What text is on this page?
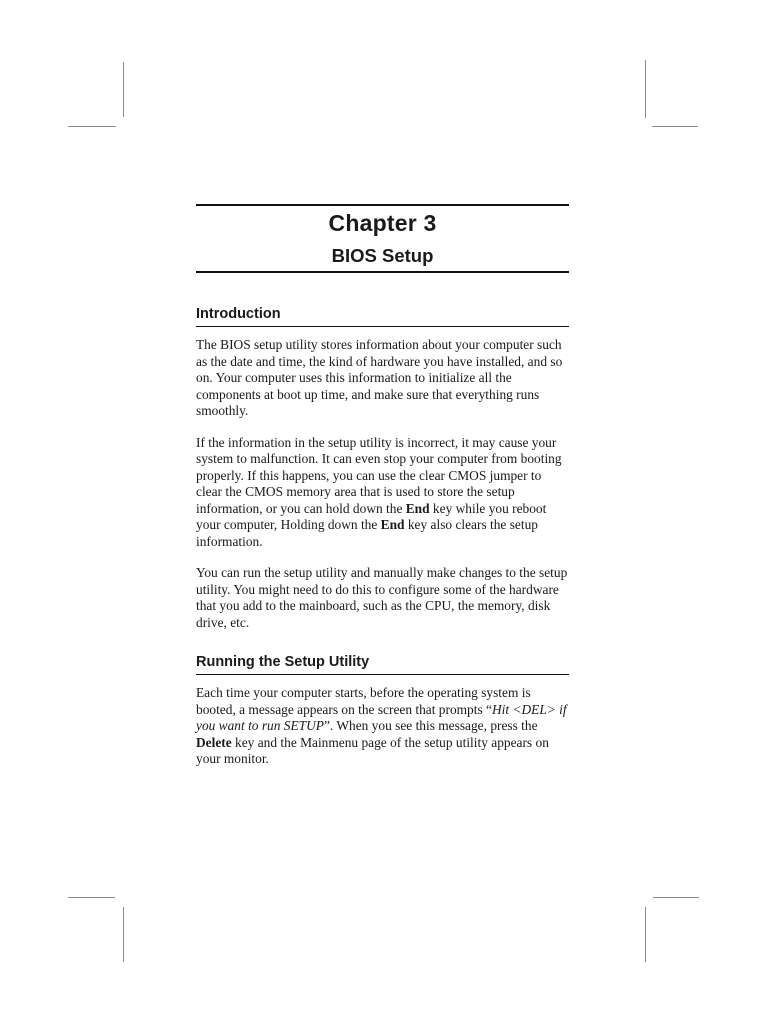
Chapter 3
BIOS Setup
Introduction

The BIOS setup utility stores information about your computer such as the date and time, the kind of hardware you have installed, and so on. Your computer uses this information to initialize all the components at boot up time, and make sure that everything runs smoothly.

If the information in the setup utility is incorrect, it may cause your system to malfunction. It can even stop your computer from booting properly. If this happens, you can use the clear CMOS jumper to clear the CMOS memory area that is used to store the setup information, or you can hold down the End key while you reboot your computer, Holding down the End key also clears the setup information.

You can run the setup utility and manually make changes to the setup utility. You might need to do this to configure some of the hardware that you add to the mainboard, such as the CPU, the memory, disk drive, etc.

Running the Setup Utility

Each time your computer starts, before the operating system is booted, a message appears on the screen that prompts “Hit <DEL> if you want to run SETUP”. When you see this message, press the Delete key and the Mainmenu page of the setup utility appears on your monitor.
